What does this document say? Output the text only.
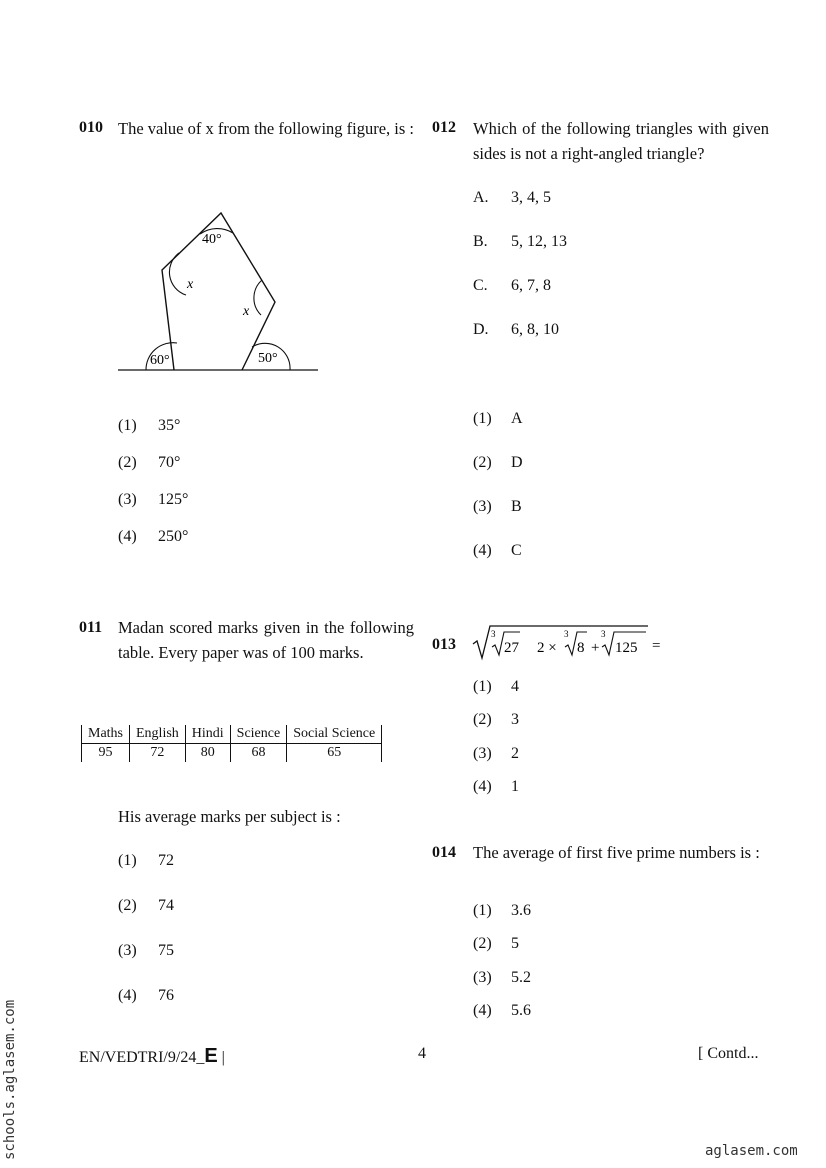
010 The value of x from the following figure, is :
40°
x
x
60°	50°
(1) 35°
(2) 70°
(3) 125°
(4) 250°
011 Madan scored marks given in the following table. Every paper was of 100 marks.
Maths	English	Hindi	Science	Social Science
95	72	80	68	65
His average marks per subject is :
(1) 72
(2) 74
(3) 75
(4) 76
012 Which of the following triangles with given sides is not a right-angled triangle?
A. 3, 4, 5
B. 5, 12, 13
C. 6, 7, 8
D. 6, 8, 10
(1) A
(2) D
(3) B
(4) C
013
3
27 2 ×
3
8 +
3
125 =
(1) 4
(2) 3
(3) 2
(4) 1
014 The average of first five prime numbers is :
(1) 3.6
(2) 5
(3) 5.2
(4) 5.6
EN/VEDTRI/9/24_E |	4	[ Contd...
schools.aglasem.com	aglasem.com
